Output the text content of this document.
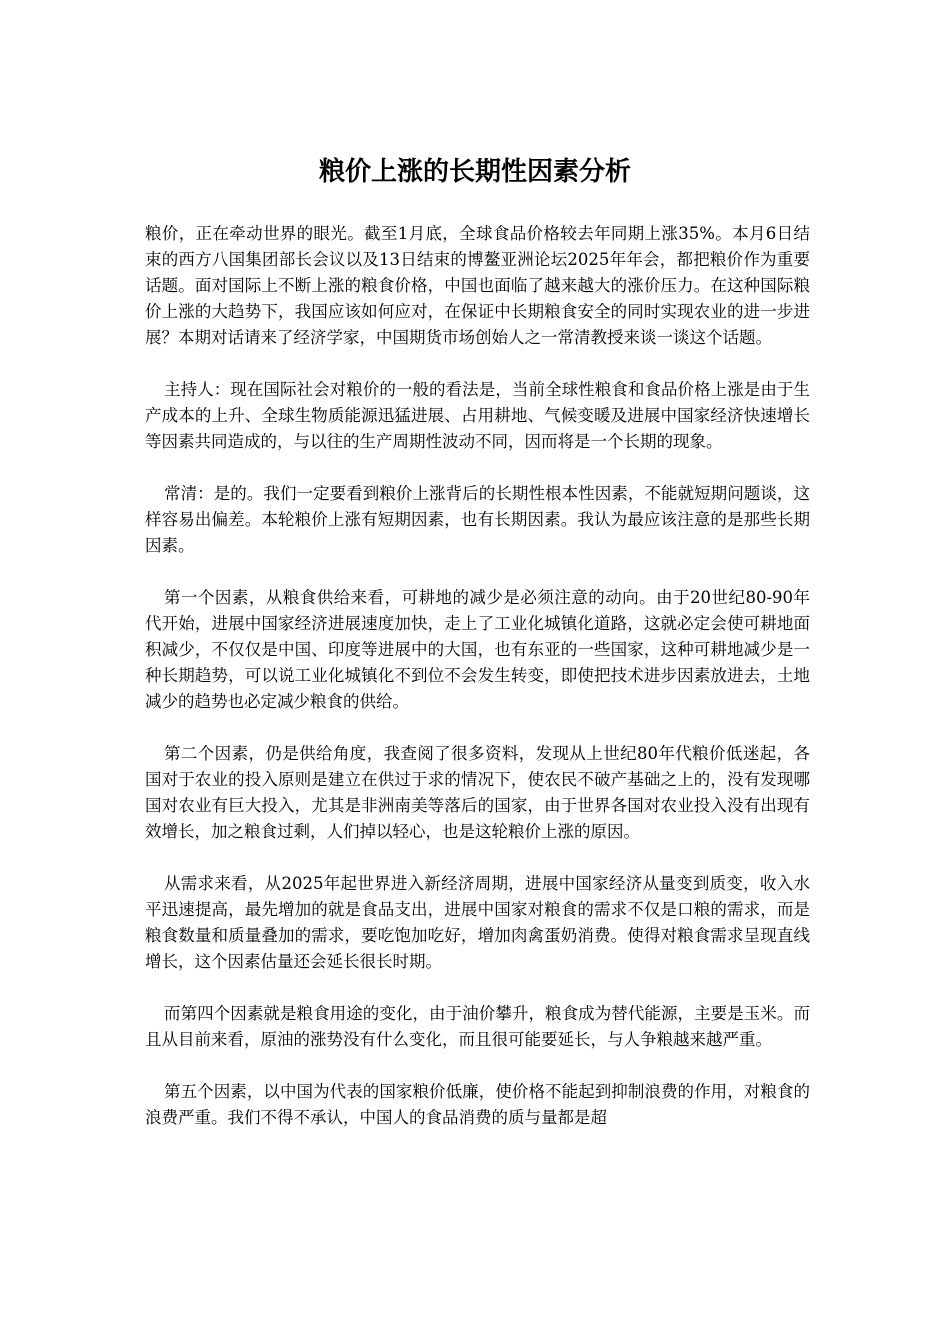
粮价上涨的长期性因素分析

粮价，正在牵动世界的眼光。截至1月底，全球食品价格较去年同期上涨35%。本月6日结束的西方八国集团部长会议以及13日结束的博鳌亚洲论坛2025年年会，都把粮价作为重要话题。面对国际上不断上涨的粮食价格，中国也面临了越来越大的涨价压力。在这种国际粮价上涨的大趋势下，我国应该如何应对，在保证中长期粮食安全的同时实现农业的进一步进展？本期对话请来了经济学家，中国期货市场创始人之一常清教授来谈一谈这个话题。

主持人：现在国际社会对粮价的一般的看法是，当前全球性粮食和食品价格上涨是由于生产成本的上升、全球生物质能源迅猛进展、占用耕地、气候变暖及进展中国家经济快速增长等因素共同造成的，与以往的生产周期性波动不同，因而将是一个长期的现象。

常清：是的。我们一定要看到粮价上涨背后的长期性根本性因素，不能就短期问题谈，这样容易出偏差。本轮粮价上涨有短期因素，也有长期因素。我认为最应该注意的是那些长期因素。

第一个因素，从粮食供给来看，可耕地的减少是必须注意的动向。由于20世纪80-90年代开始，进展中国家经济进展速度加快，走上了工业化城镇化道路，这就必定会使可耕地面积减少，不仅仅是中国、印度等进展中的大国，也有东亚的一些国家，这种可耕地减少是一种长期趋势，可以说工业化城镇化不到位不会发生转变，即使把技术进步因素放进去，土地减少的趋势也必定减少粮食的供给。

第二个因素，仍是供给角度，我查阅了很多资料，发现从上世纪80年代粮价低迷起，各国对于农业的投入原则是建立在供过于求的情况下，使农民不破产基础之上的，没有发现哪国对农业有巨大投入，尤其是非洲南美等落后的国家，由于世界各国对农业投入没有出现有效增长，加之粮食过剩，人们掉以轻心，也是这轮粮价上涨的原因。

从需求来看，从2025年起世界进入新经济周期，进展中国家经济从量变到质变，收入水平迅速提高，最先增加的就是食品支出，进展中国家对粮食的需求不仅是口粮的需求，而是粮食数量和质量叠加的需求，要吃饱加吃好，增加肉禽蛋奶消费。使得对粮食需求呈现直线增长，这个因素估量还会延长很长时期。

而第四个因素就是粮食用途的变化，由于油价攀升，粮食成为替代能源，主要是玉米。而且从目前来看，原油的涨势没有什么变化，而且很可能要延长，与人争粮越来越严重。

第五个因素，以中国为代表的国家粮价低廉，使价格不能起到抑制浪费的作用，对粮食的浪费严重。我们不得不承认，中国人的食品消费的质与量都是超
